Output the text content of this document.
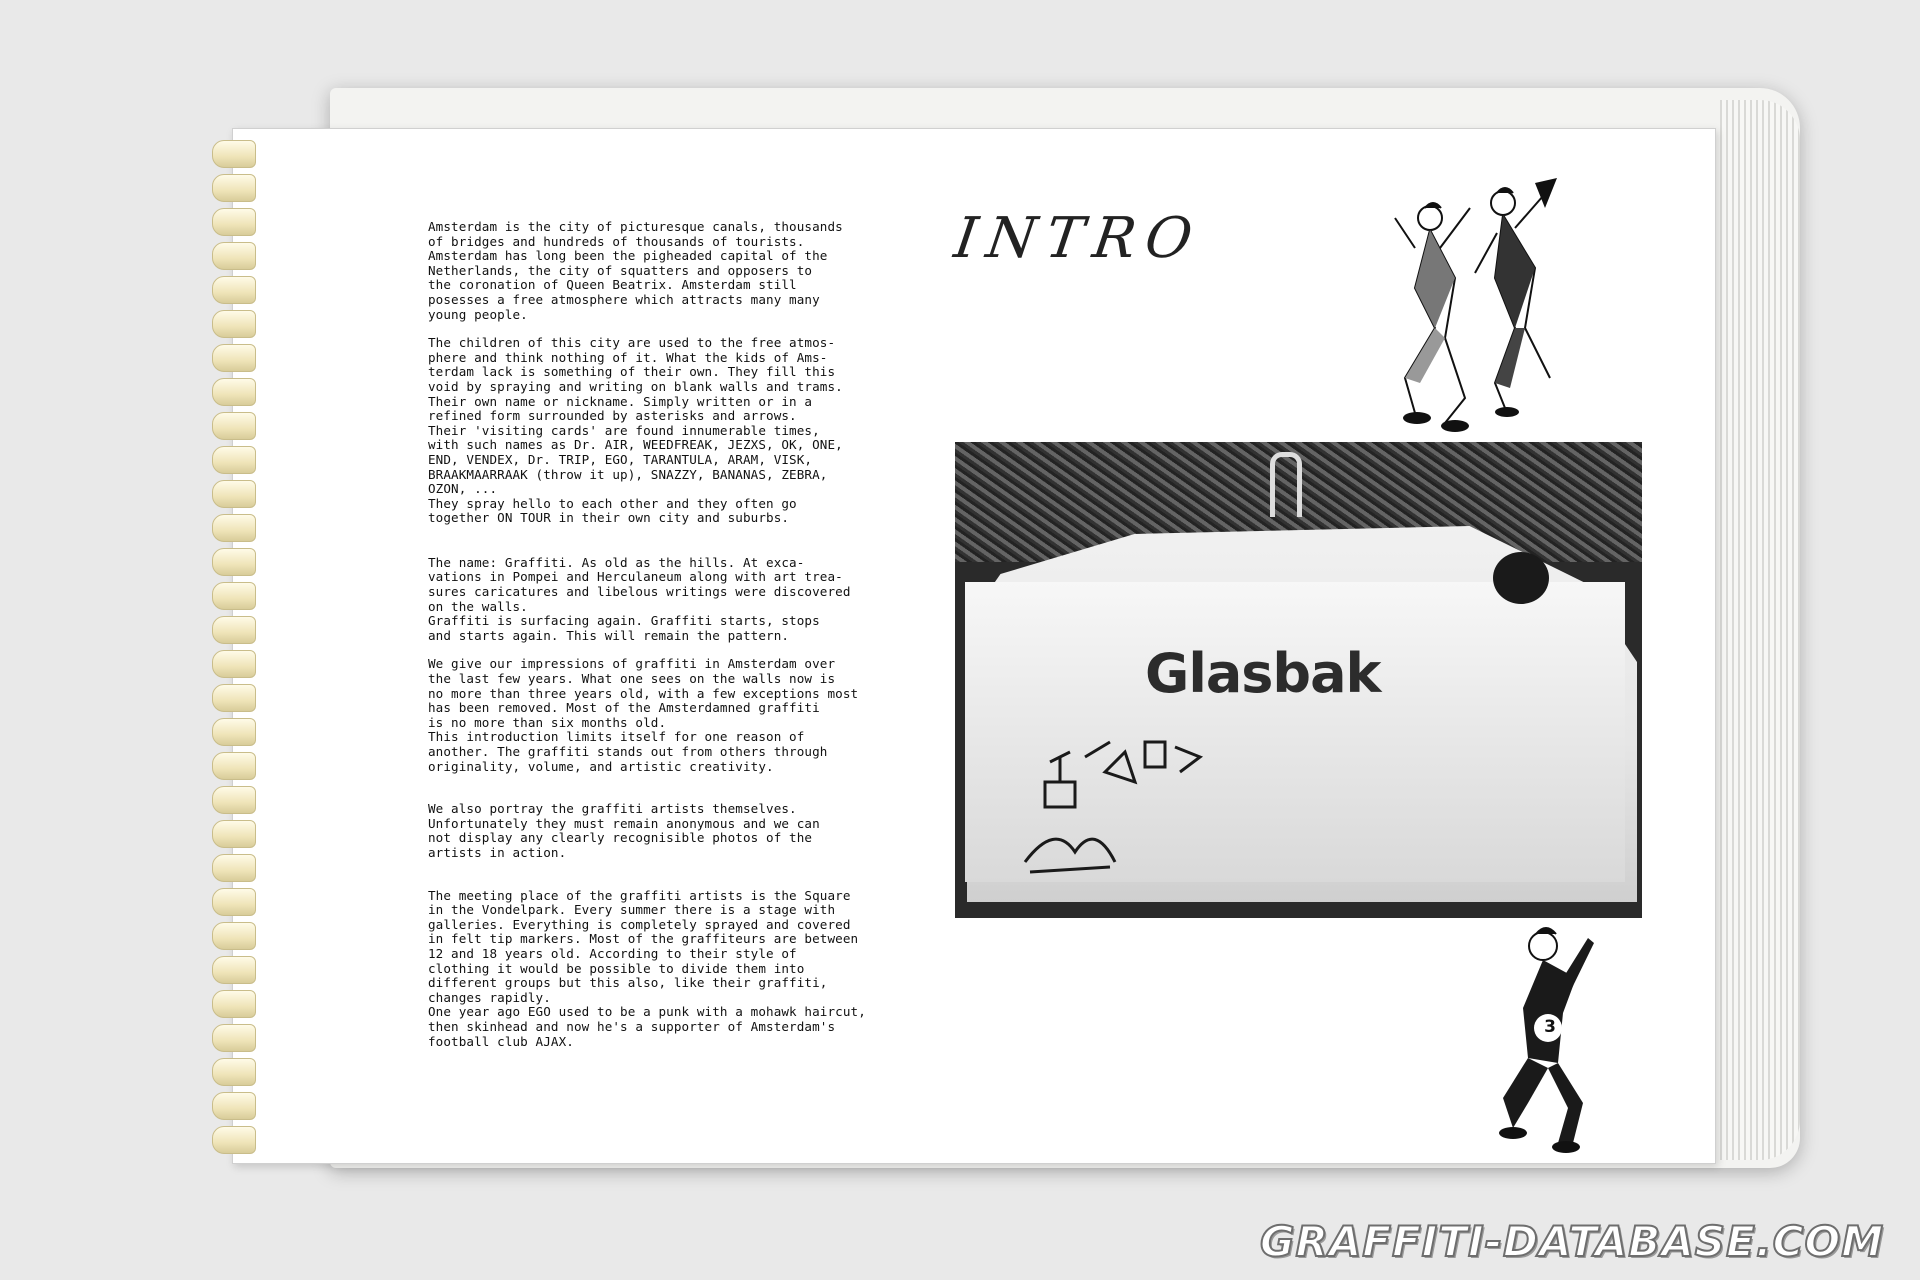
Amsterdam is the city of picturesque canals, thousands
of bridges and hundreds of thousands of tourists.
Amsterdam has long been the pigheaded capital of the
Netherlands, the city of squatters and opposers to
the coronation of Queen Beatrix. Amsterdam still
posesses a free atmosphere which attracts many many
young people.

The children of this city are used to the free atmos-
phere and think nothing of it. What the kids of Ams-
terdam lack is something of their own. They fill this
void by spraying and writing on blank walls and trams.
Their own name or nickname. Simply written or in a
refined form surrounded by asterisks and arrows.
Their 'visiting cards' are found innumerable times,
with such names as Dr. AIR, WEEDFREAK, JEZXS, OK, ONE,
END, VENDEX, Dr. TRIP, EGO, TARANTULA, ARAM, VISK,
BRAAKMAARRAAK (throw it up), SNAZZY, BANANAS, ZEBRA,
OZON, ...
They spray hello to each other and they often go
together ON TOUR in their own city and suburbs.

The name: Graffiti. As old as the hills. At exca-
vations in Pompei and Herculaneum along with art trea-
sures caricatures and libelous writings were discovered
on the walls.
Graffiti is surfacing again. Graffiti starts, stops
and starts again. This will remain the pattern.

We give our impressions of graffiti in Amsterdam over
the last few years. What one sees on the walls now is
no more than three years old, with a few exceptions most
has been removed. Most of the Amsterdamned graffiti
is no more than six months old.
This introduction limits itself for one reason of
another. The graffiti stands out from others through
originality, volume, and artistic creativity.

We also portray the graffiti artists themselves.
Unfortunately they must remain anonymous and we can
not display any clearly recognisible photos of the
artists in action.

The meeting place of the graffiti artists is the Square
in the Vondelpark. Every summer there is a stage with
galleries. Everything is completely sprayed and covered
in felt tip markers. Most of the graffiteurs are between
12 and 18 years old. According to their style of
clothing it would be possible to divide them into
different groups but this also, like their graffiti,
changes rapidly.
One year ago EGO used to be a punk with a mohawk haircut,
then skinhead and now he's a supporter of Amsterdam's
football club AJAX.

INTRO
Glasbak
3
GRAFFITI-DATABASE.COM
